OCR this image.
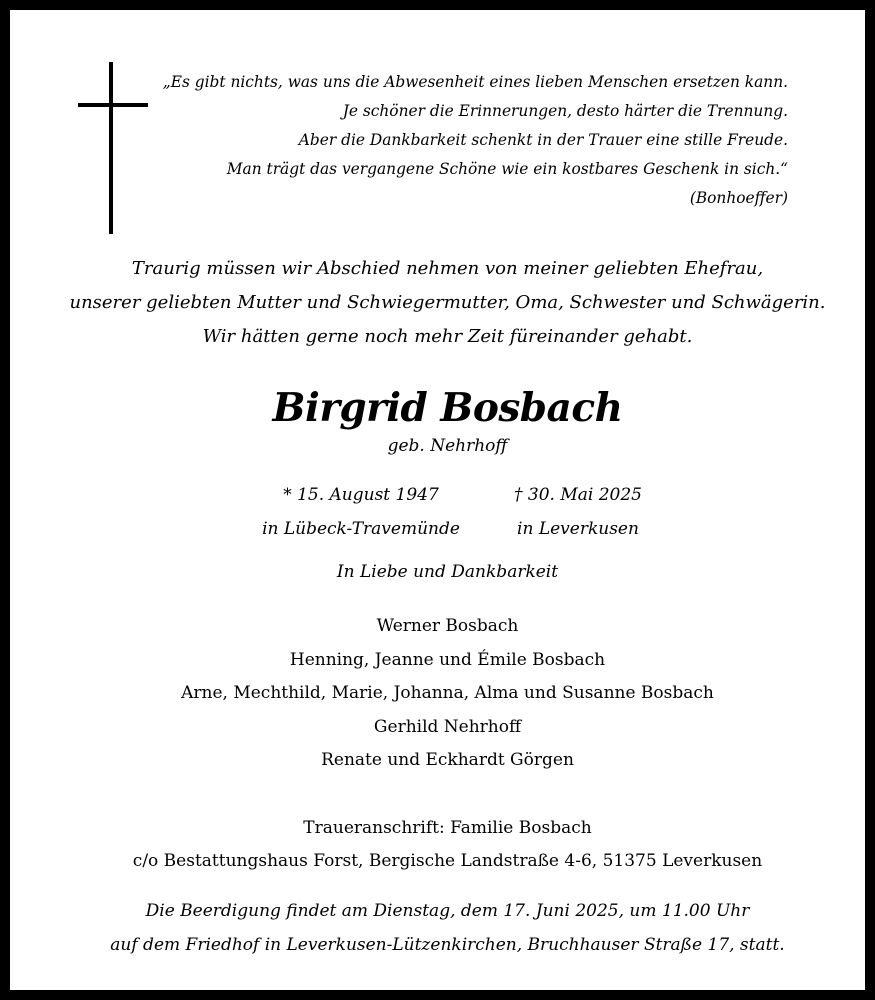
„Es gibt nichts, was uns die Abwesenheit eines lieben Menschen ersetzen kann.
Je schöner die Erinnerungen, desto härter die Trennung.
Aber die Dankbarkeit schenkt in der Trauer eine stille Freude.
Man trägt das vergangene Schöne wie ein kostbares Geschenk in sich.“
(Bonhoeffer)
Traurig müssen wir Abschied nehmen von meiner geliebten Ehefrau,
unserer geliebten Mutter und Schwiegermutter, Oma, Schwester und Schwägerin.
Wir hätten gerne noch mehr Zeit füreinander gehabt.
Birgrid Bosbach
geb. Nehrhoff
* 15. August 1947
in Lübeck-Travemünde
† 30. Mai 2025
in Leverkusen
In Liebe und Dankbarkeit
Werner Bosbach
Henning, Jeanne und Émile Bosbach
Arne, Mechthild, Marie, Johanna, Alma und Susanne Bosbach
Gerhild Nehrhoff
Renate und Eckhardt Görgen
Traueranschrift: Familie Bosbach
c/o Bestattungshaus Forst, Bergische Landstraße 4-6, 51375 Leverkusen
Die Beerdigung findet am Dienstag, dem 17. Juni 2025, um 11.00 Uhr
auf dem Friedhof in Leverkusen-Lützenkirchen, Bruchhauser Straße 17, statt.
